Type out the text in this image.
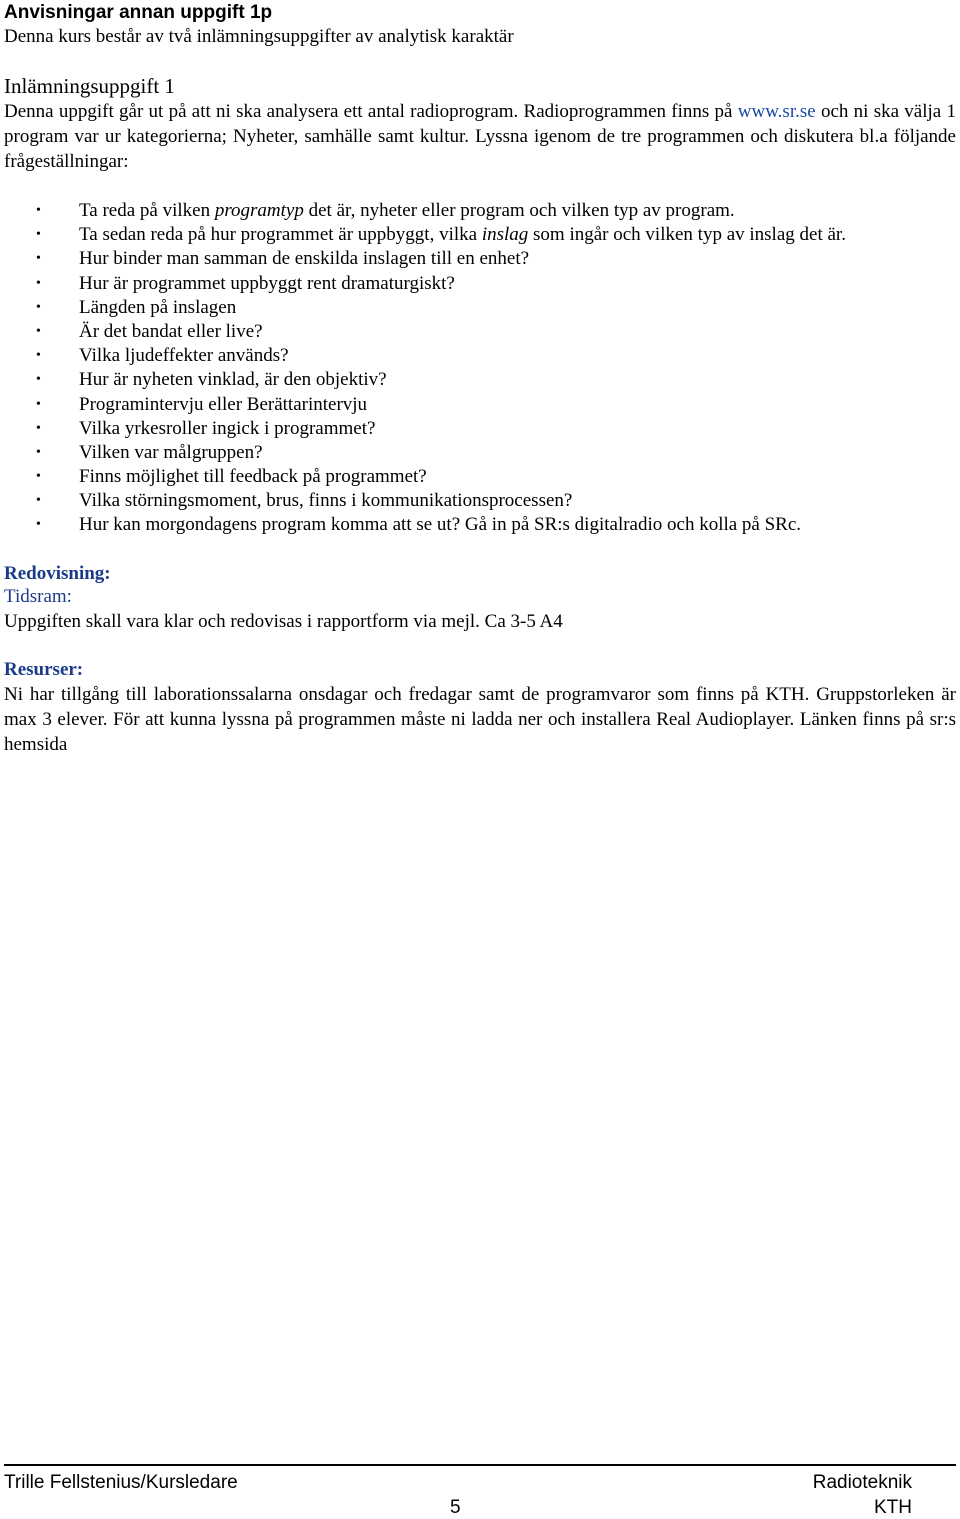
Anvisningar annan uppgift 1p

Denna kurs består av två inlämningsuppgifter av analytisk karaktär

Inlämningsuppgift 1

Denna uppgift går ut på att ni ska analysera ett antal radioprogram. Radioprogrammen finns på www.sr.se och ni ska välja 1 program var ur kategorierna; Nyheter, samhälle samt kultur. Lyssna igenom de tre programmen och diskutera bl.a följande frågeställningar:

• Ta reda på vilken programtyp det är, nyheter eller program och vilken typ av program.
• Ta sedan reda på hur programmet är uppbyggt, vilka inslag som ingår och vilken typ av inslag det är.
• Hur binder man samman de enskilda inslagen till en enhet?
• Hur är programmet uppbyggt rent dramaturgiskt?
• Längden på inslagen
• Är det bandat eller live?
• Vilka ljudeffekter används?
• Hur är nyheten vinklad, är den objektiv?
• Programintervju eller Berättarintervju
• Vilka yrkesroller ingick i programmet?
• Vilken var målgruppen?
• Finns möjlighet till feedback på programmet?
• Vilka störningsmoment, brus, finns i kommunikationsprocessen?
• Hur kan morgondagens program komma att se ut? Gå in på SR:s digitalradio och kolla på SRc.

Redovisning:

Tidsram:

Uppgiften skall vara klar och redovisas i rapportform via mejl. Ca 3-5 A4

Resurser:

Ni har tillgång till laborationssalarna onsdagar och fredagar samt de programvaror som finns på KTH. Gruppstorleken är max 3 elever. För att kunna lyssna på programmen måste ni ladda ner och installera Real Audioplayer. Länken finns på sr:s hemsida

Trille Fellstenius/Kursledare	Radioteknik
5	KTH
